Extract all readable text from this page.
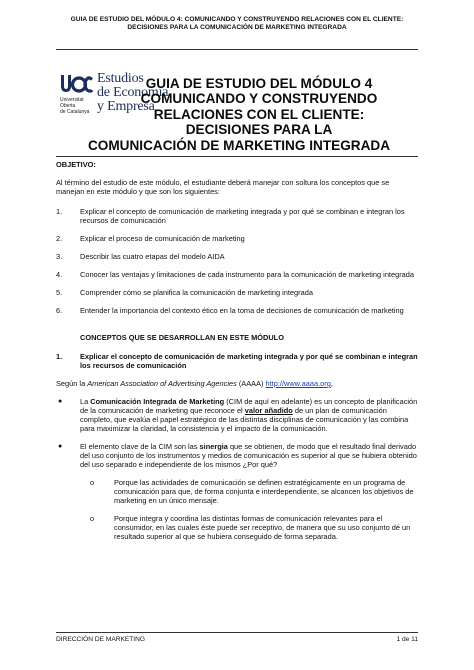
GUIA DE ESTUDIO DEL MÓDULO 4: COMUNICANDO Y CONSTRUYENDO RELACIONES CON EL CLIENTE:
DECISIONES PARA LA COMUNICACIÓN DE MARKETING INTEGRADA
Universitat
Oberta
de Catalunya
Estudios
de Economía
y Empresa
GUIA DE ESTUDIO DEL MÓDULO 4
COMUNICANDO Y CONSTRUYENDO
RELACIONES CON EL CLIENTE:
DECISIONES PARA LA
COMUNICACIÓN DE MARKETING INTEGRADA
OBJETIVO:

Al término del estudio de este módulo, el estudiante deberá manejar con soltura los conceptos que se manejan en este módulo y que son los siguientes:

1. Explicar el concepto de comunicación de marketing integrada y por qué se combinan e integran los recursos de comunicación

2. Explicar el proceso de comunicación de marketing

3. Describir las cuatro etapas del modelo AIDA

4. Conocer las ventajas y limitaciones de cada instrumento para la comunicación de marketing integrada

5. Comprender cómo se planifica la comunicación de marketing integrada

6. Entender la importancia del contexto ético en la toma de decisiones de comunicación de marketing

CONCEPTOS QUE SE DESARROLLAN EN ESTE MÓDULO

1. Explicar el concepto de comunicación de marketing integrada y por qué se combinan e integran los recursos de comunicación

Según la American Association of Advertising Agencies (AAAA) http://www.aaaa.org,

● La Comunicación Integrada de Marketing (CIM de aquí en adelante) es un concepto de planificación de la comunicación de marketing que reconoce el valor añadido de un plan de comunicación completo, que evalúa el papel estratégico de las distintas disciplinas de comunicación y las combina para maximizar la claridad, la consistencia y el impacto de la comunicación.

● El elemento clave de la CIM son las sinergia que se obtienen, de modo que el resultado final derivado del uso conjunto de los instrumentos y medios de comunicación es superior al que se hubiera obtenido del uso separado e independiente de los mismos ¿Por qué?

o	Porque las actividades de comunicación se definen estratégicamente en un programa de comunicación para que, de forma conjunta e interdependiente, se alcancen los objetivos de marketing en un único mensaje.

o	Porque integra y coordina las distintas formas de comunicación relevantes para el consumidor, en las cuales éste puede ser receptivo, de manera que su uso conjunto dé un resultado superior al que se hubiera conseguido de forma separada.

DIRECCIÓN DE MARKETING	1 de 11
